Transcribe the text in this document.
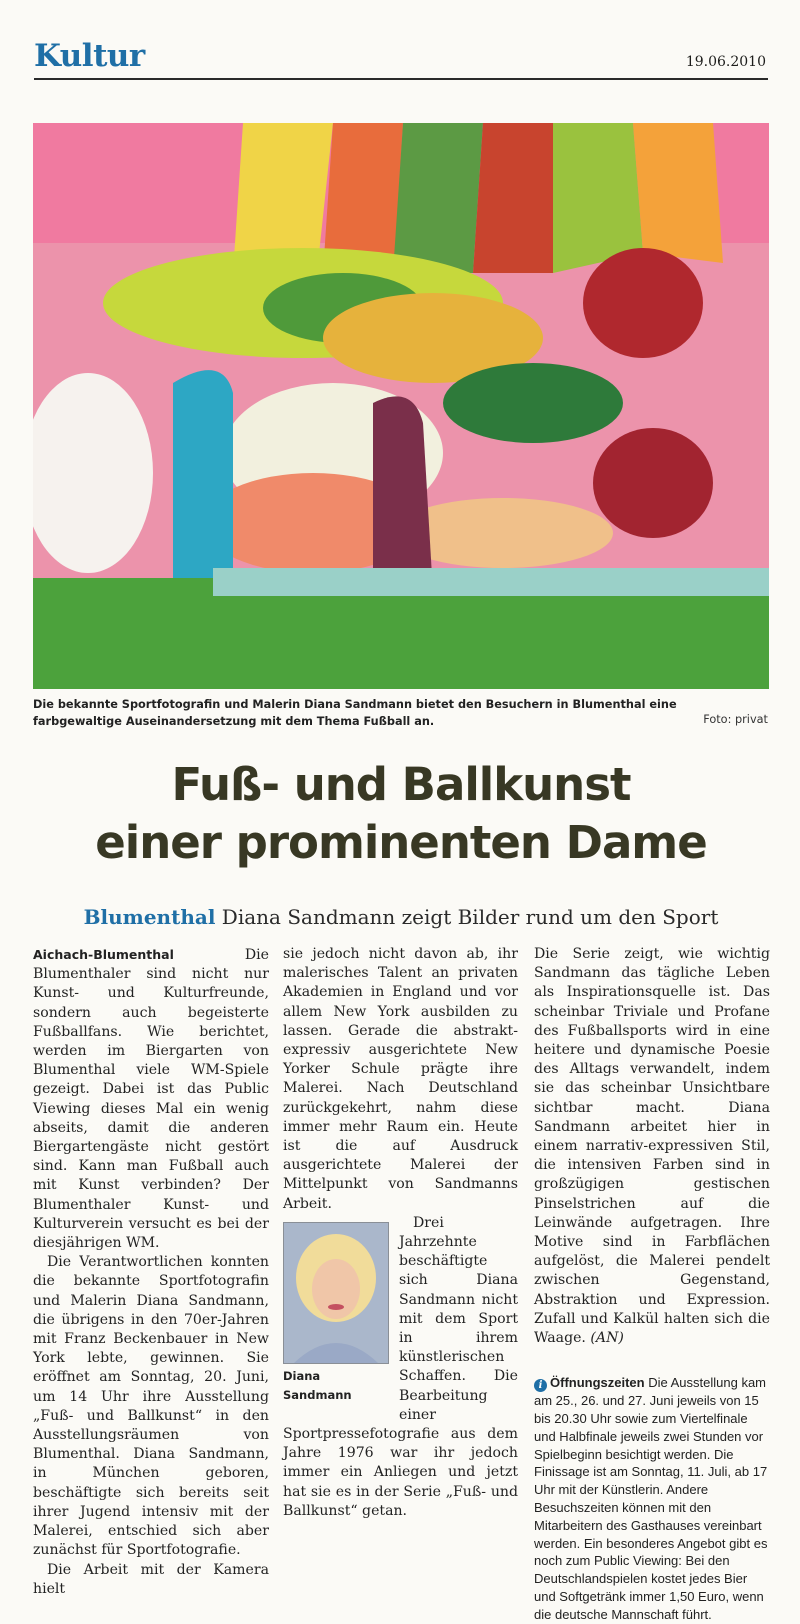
Kultur	19.06.2010
Die bekannte Sportfotografin und Malerin Diana Sandmann bietet den Besuchern in Blumenthal eine farbgewaltige Auseinandersetzung mit dem Thema Fußball an.	Foto: privat
Fuß- und Ballkunst
einer prominenten Dame
Blumenthal Diana Sandmann zeigt Bilder rund um den Sport

Aichach-Blumenthal	Die Blumenthaler sind nicht nur Kunst- und Kulturfreunde, sondern auch begeisterte Fußballfans. Wie berichtet, werden im Biergarten von Blumenthal viele WM-Spiele gezeigt. Dabei ist das Public Viewing dieses Mal ein wenig abseits, damit die anderen Biergartengäste nicht gestört sind. Kann man Fußball auch mit Kunst verbinden? Der Blumenthaler Kunst- und Kulturverein versucht es bei der diesjährigen WM.

Die Verantwortlichen konnten die bekannte Sportfotografin und Malerin Diana Sandmann, die übrigens in den 70er-Jahren mit Franz Beckenbauer in New York lebte, gewinnen. Sie eröffnet am Sonntag, 20. Juni, um 14 Uhr ihre Ausstellung „Fuß- und Ballkunst“ in den Ausstellungsräumen von Blumenthal. Diana Sandmann, in München geboren, beschäftigte sich bereits seit ihrer Jugend intensiv mit der Malerei, entschied sich aber zunächst für Sportfotografie.

Die Arbeit mit der Kamera hielt

sie jedoch nicht davon ab, ihr malerisches Talent an privaten Akademien in England und vor allem New York ausbilden zu lassen. Gerade die abstrakt-expressiv ausgerichtete New Yorker Schule prägte ihre Malerei. Nach Deutschland zurückgekehrt, nahm diese immer mehr Raum ein. Heute ist die auf Ausdruck ausgerichtete Malerei der Mittelpunkt von Sandmanns Arbeit.

Diana Sandmann

Drei Jahrzehnte beschäftigte sich Diana Sandmann nicht mit dem Sport in ihrem künstlerischen Schaffen. Die Bearbeitung einer Sportpressefotografie aus dem Jahre 1976 war ihr jedoch immer ein Anliegen und jetzt hat sie es in der Serie „Fuß- und Ballkunst“ getan.

Die Serie zeigt, wie wichtig Sandmann das tägliche Leben als Inspirationsquelle ist. Das scheinbar Triviale und Profane des Fußballsports wird in eine heitere und dynamische Poesie des Alltags verwandelt, indem sie das scheinbar Unsichtbare sichtbar macht. Diana Sandmann arbeitet hier in einem narrativ-expressiven Stil, die intensiven Farben sind in großzügigen gestischen Pinselstrichen auf die Leinwände aufgetragen. Ihre Motive sind in Farbflächen aufgelöst, die Malerei pendelt zwischen Gegenstand, Abstraktion und Expression. Zufall und Kalkül halten sich die Waage. (AN)

i Öffnungszeiten Die Ausstellung kam am 25., 26. und 27. Juni jeweils von 15 bis 20.30 Uhr sowie zum Viertelfinale und Halbfinale jeweils zwei Stunden vor Spielbeginn besichtigt werden. Die Finissage ist am Sonntag, 11. Juli, ab 17 Uhr mit der Künstlerin. Andere Besuchszeiten können mit den Mitarbeitern des Gasthauses vereinbart werden. Ein besonderes Angebot gibt es noch zum Public Viewing: Bei den Deutschlandspielen kostet jedes Bier und Softgetränk immer 1,50 Euro, wenn die deutsche Mannschaft führt.
